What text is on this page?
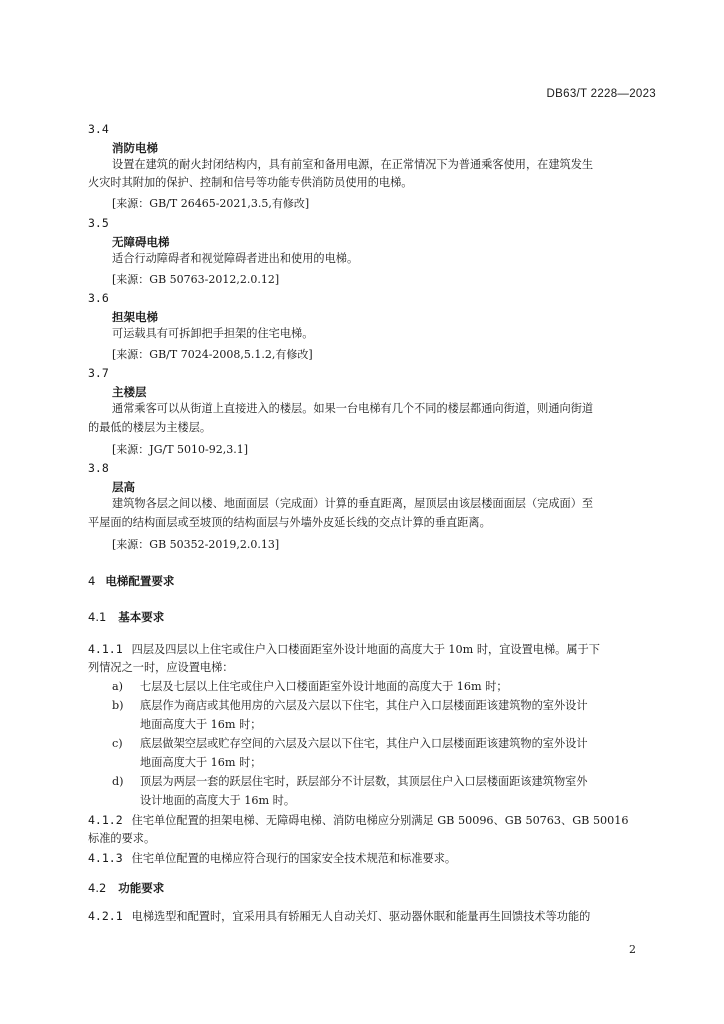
DB63/T 2228—2023
3.4
消防电梯
设置在建筑的耐火封闭结构内，具有前室和备用电源，在正常情况下为普通乘客使用，在建筑发生
火灾时其附加的保护、控制和信号等功能专供消防员使用的电梯。
[来源：GB/T 26465-2021,3.5,有修改]
3.5
无障碍电梯
适合行动障碍者和视觉障碍者进出和使用的电梯。
[来源：GB 50763-2012,2.0.12]
3.6
担架电梯
可运载具有可拆卸把手担架的住宅电梯。
[来源：GB/T 7024-2008,5.1.2,有修改]
3.7
主楼层
通常乘客可以从街道上直接进入的楼层。如果一台电梯有几个不同的楼层都通向街道，则通向街道
的最低的楼层为主楼层。
[来源：JG/T 5010-92,3.1]
3.8
层高
建筑物各层之间以楼、地面面层（完成面）计算的垂直距离，屋顶层由该层楼面面层（完成面）至
平屋面的结构面层或至坡顶的结构面层与外墙外皮延长线的交点计算的垂直距离。
[来源：GB 50352-2019,2.0.13]
4 电梯配置要求
4.1 基本要求
4.1.1 四层及四层以上住宅或住户入口楼面距室外设计地面的高度大于 10m 时，宜设置电梯。属于下
列情况之一时，应设置电梯：
a) 七层及七层以上住宅或住户入口楼面距室外设计地面的高度大于 16m 时；
b) 底层作为商店或其他用房的六层及六层以下住宅，其住户入口层楼面距该建筑物的室外设计
地面高度大于 16m 时；
c) 底层做架空层或贮存空间的六层及六层以下住宅，其住户入口层楼面距该建筑物的室外设计
地面高度大于 16m 时；
d) 顶层为两层一套的跃层住宅时，跃层部分不计层数，其顶层住户入口层楼面距该建筑物室外
设计地面的高度大于 16m 时。
4.1.2 住宅单位配置的担架电梯、无障碍电梯、消防电梯应分别满足 GB 50096、GB 50763、GB 50016
标准的要求。
4.1.3 住宅单位配置的电梯应符合现行的国家安全技术规范和标准要求。
4.2 功能要求
4.2.1 电梯选型和配置时，宜采用具有轿厢无人自动关灯、驱动器休眠和能量再生回馈技术等功能的
2
